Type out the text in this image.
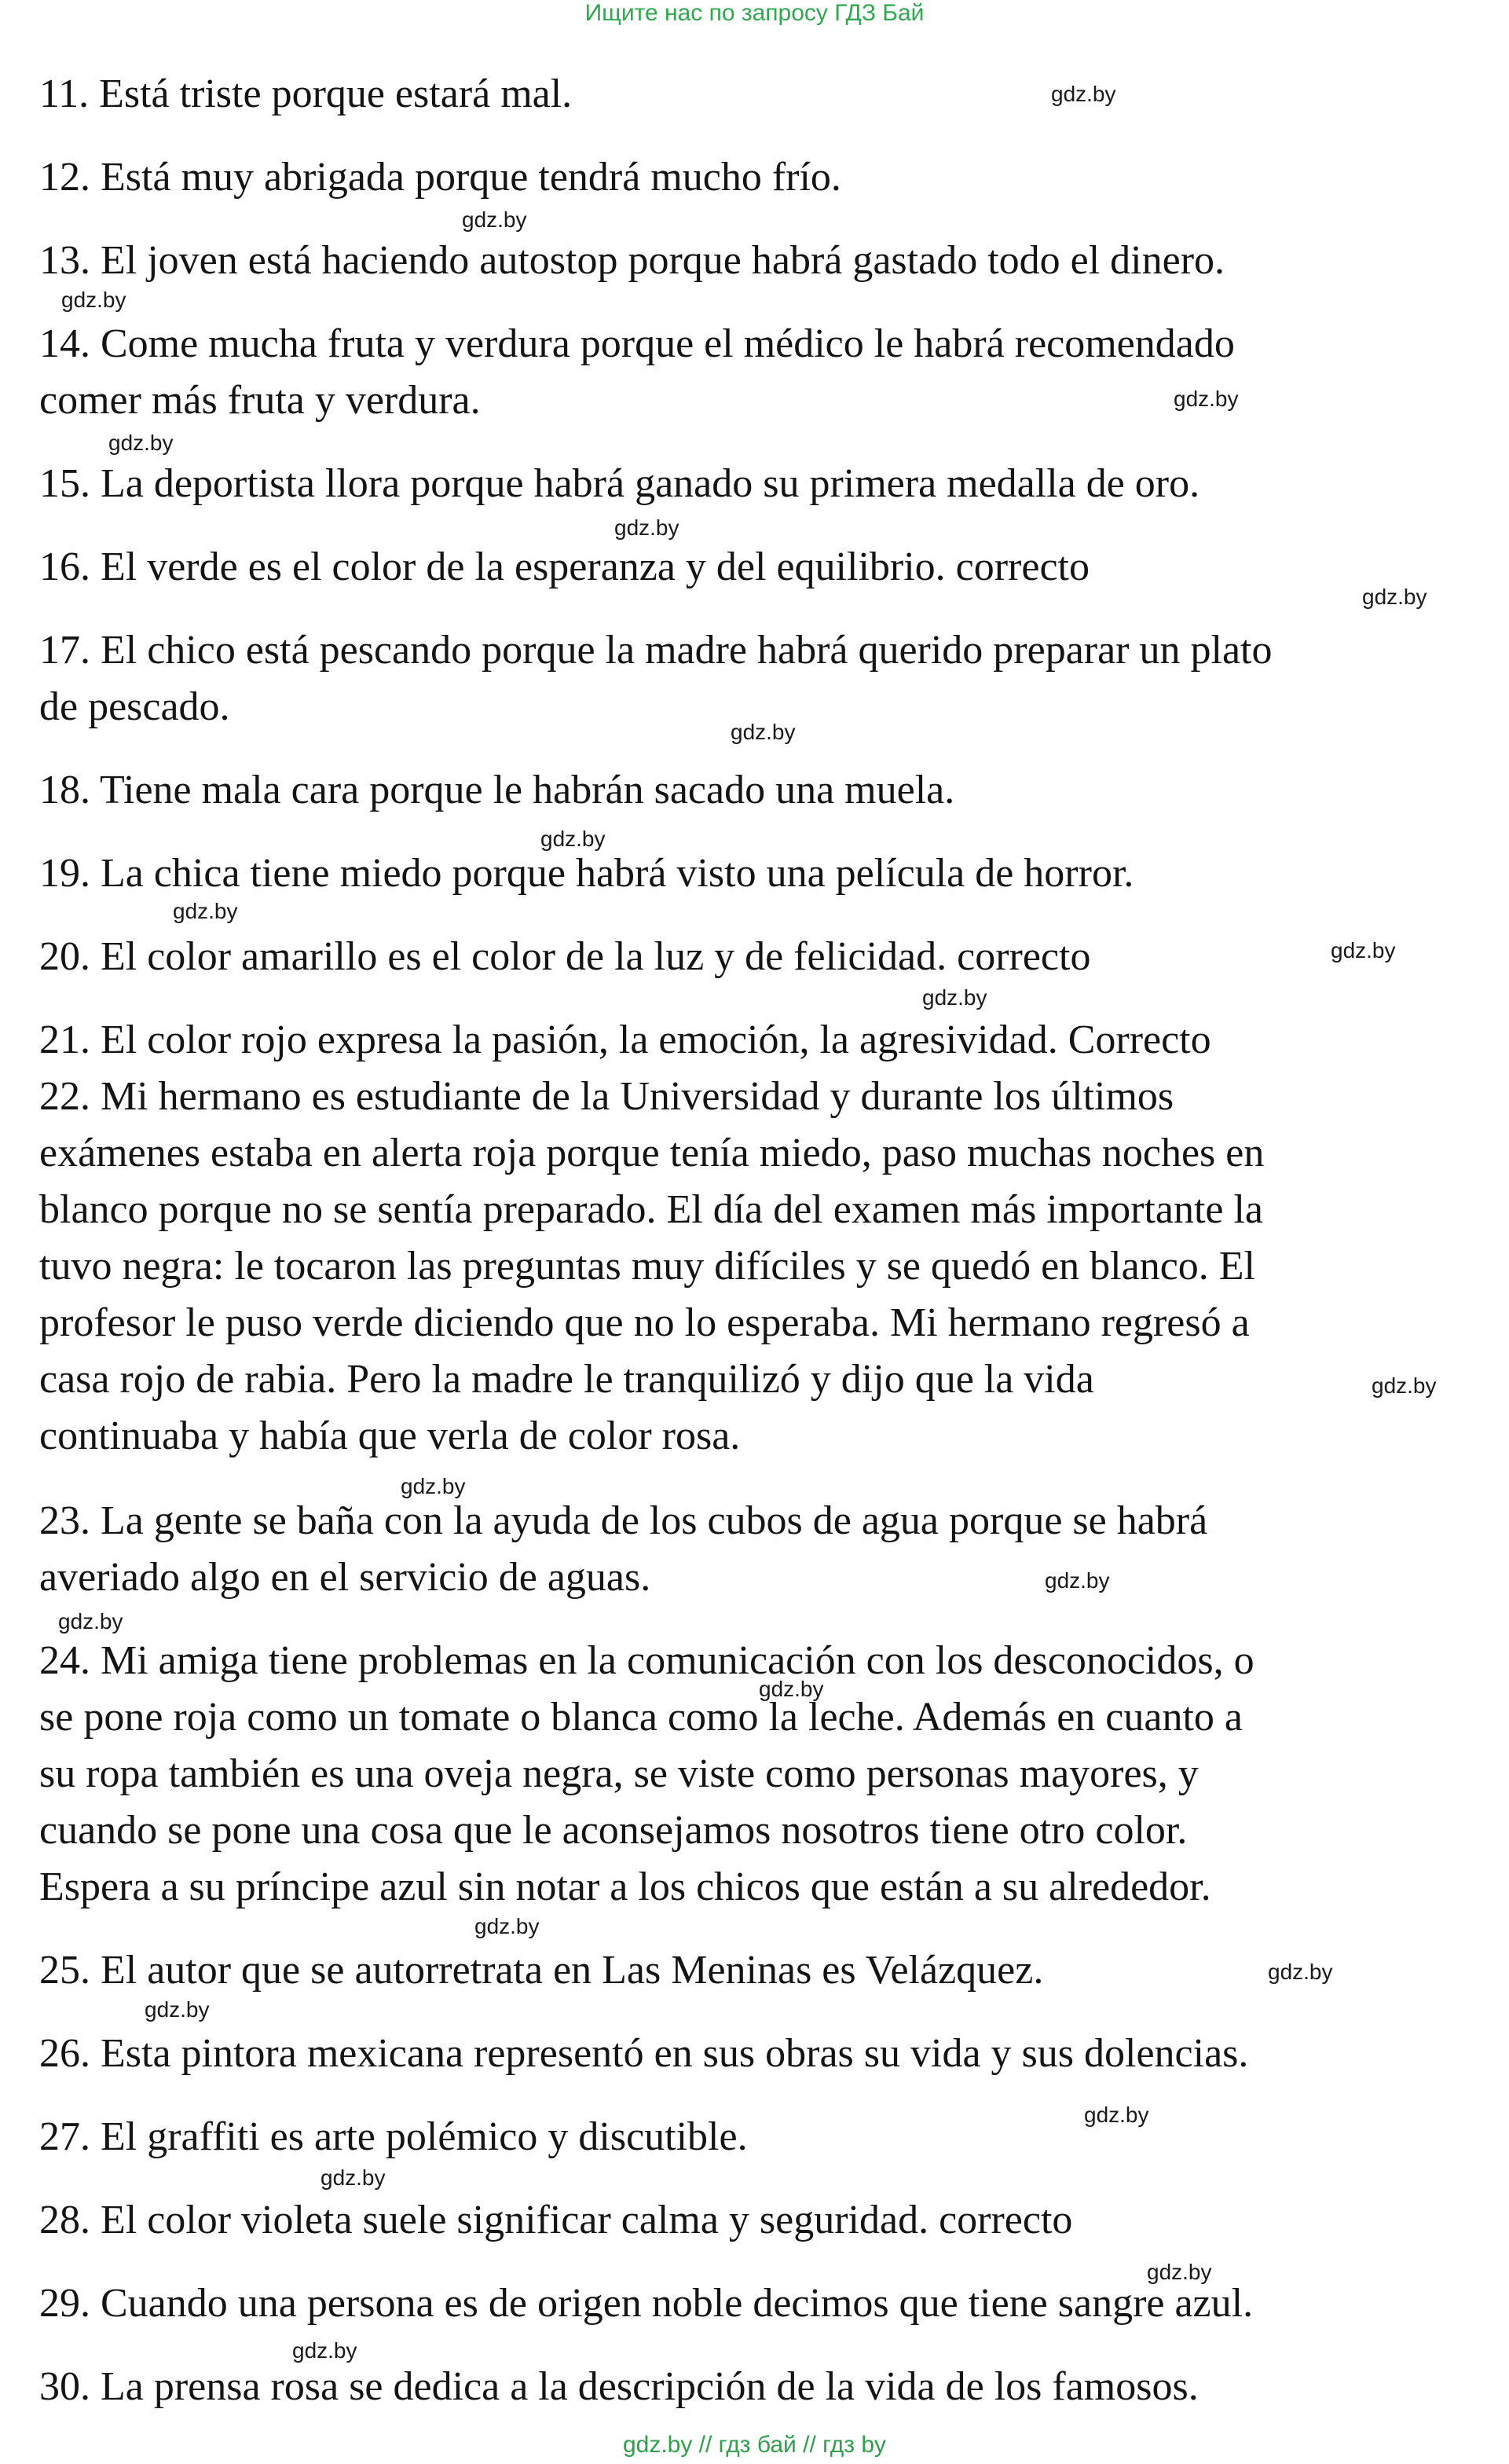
Ищите нас по запросу ГДЗ Бай
11. Está triste porque estará mal.
12. Está muy abrigada porque tendrá mucho frío.
13. El joven está haciendo autostop porque habrá gastado todo el dinero.
14. Come mucha fruta y verdura porque el médico le habrá recomendado
comer más fruta y verdura.
15. La deportista llora porque habrá ganado su primera medalla de oro.
16. El verde es el color de la esperanza y del equilibrio. correcto
17. El chico está pescando porque la madre habrá querido preparar un plato
de pescado.
18. Tiene mala cara porque le habrán sacado una muela.
19. La chica tiene miedo porque habrá visto una película de horror.
20. El color amarillo es el color de la luz y de felicidad. correcto
21. El color rojo expresa la pasión, la emoción, la agresividad. Correcto
22. Mi hermano es estudiante de la Universidad y durante los últimos
exámenes estaba en alerta roja porque tenía miedo, paso muchas noches en
blanco porque no se sentía preparado. El día del examen más importante la
tuvo negra: le tocaron las preguntas muy difíciles y se quedó en blanco. El
profesor le puso verde diciendo que no lo esperaba. Mi hermano regresó a
casa rojo de rabia. Pero la madre le tranquilizó y dijo que la vida
continuaba y había que verla de color rosa.
23. La gente se baña con la ayuda de los cubos de agua porque se habrá
averiado algo en el servicio de aguas.
24. Mi amiga tiene problemas en la comunicación con los desconocidos, o
se pone roja como un tomate o blanca como la leche. Además en cuanto a
su ropa también es una oveja negra, se viste como personas mayores, y
cuando se pone una cosa que le aconsejamos nosotros tiene otro color.
Espera a su príncipe azul sin notar a los chicos que están a su alrededor.
25. El autor que se autorretrata en Las Meninas es Velázquez.
26. Esta pintora mexicana representó en sus obras su vida y sus dolencias.
27. El graffiti es arte polémico y discutible.
28. El color violeta suele significar calma y seguridad. correcto
29. Cuando una persona es de origen noble decimos que tiene sangre azul.
30. La prensa rosa se dedica a la descripción de la vida de los famosos.
gdz.by
gdz.by
gdz.by
gdz.by
gdz.by
gdz.by
gdz.by
gdz.by
gdz.by
gdz.by
gdz.by
gdz.by
gdz.by
gdz.by
gdz.by
gdz.by
gdz.by
gdz.by
gdz.by
gdz.by
gdz.by
gdz.by
gdz.by
gdz.by
gdz.by // гдз бай // гдз by
